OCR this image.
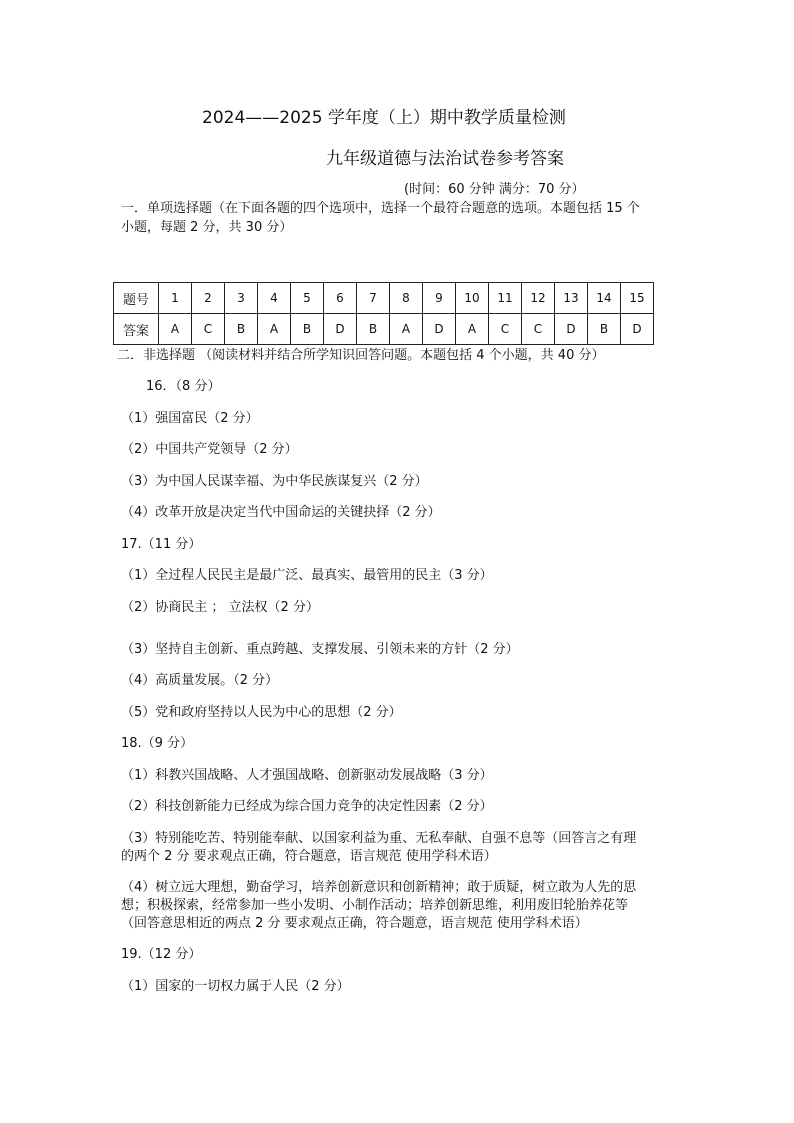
2024——2025 学年度（上）期中教学质量检测
九年级道德与法治试卷参考答案
(时间：60 分钟 满分：70 分）
一．单项选择题（在下面各题的四个选项中，选择一个最符合题意的选项。本题包括 15 个
小题，每题 2 分，共 30 分）
题号	1	2	3	4	5	6	7	8	9	10	11	12	13	14	15
答案	A	C	B	A	B	D	B	A	D	A	C	C	D	B	D
二．非选择题 （阅读材料并结合所学知识回答问题。本题包括 4 个小题，共 40 分）
16．（8 分）
（1）强国富民（2 分）
（2）中国共产党领导（2 分）
（3）为中国人民谋幸福、为中华民族谋复兴（2 分）
（4）改革开放是决定当代中国命运的关键抉择（2 分）
17.（11 分）
（1）全过程人民民主是最广泛、最真实、最管用的民主（3 分）
（2）协商民主 ； 立法权（2 分）
（3）坚持自主创新、重点跨越、支撑发展、引领未来的方针（2 分）
（4）高质量发展。（2 分）
（5）党和政府坚持以人民为中心的思想（2 分）
18.（9 分）
（1）科教兴国战略、人才强国战略、创新驱动发展战略（3 分）
（2）科技创新能力已经成为综合国力竞争的决定性因素（2 分）
（3）特别能吃苦、特别能奉献、以国家利益为重、无私奉献、自强不息等（回答言之有理
的两个 2 分 要求观点正确，符合题意，语言规范 使用学科术语）
（4）树立远大理想，勤奋学习，培养创新意识和创新精神；敢于质疑，树立敢为人先的思
想；积极探索，经常参加一些小发明、小制作活动；培养创新思维，利用废旧轮胎养花等
（回答意思相近的两点 2 分 要求观点正确，符合题意，语言规范 使用学科术语）
19.（12 分）
（1）国家的一切权力属于人民（2 分）
